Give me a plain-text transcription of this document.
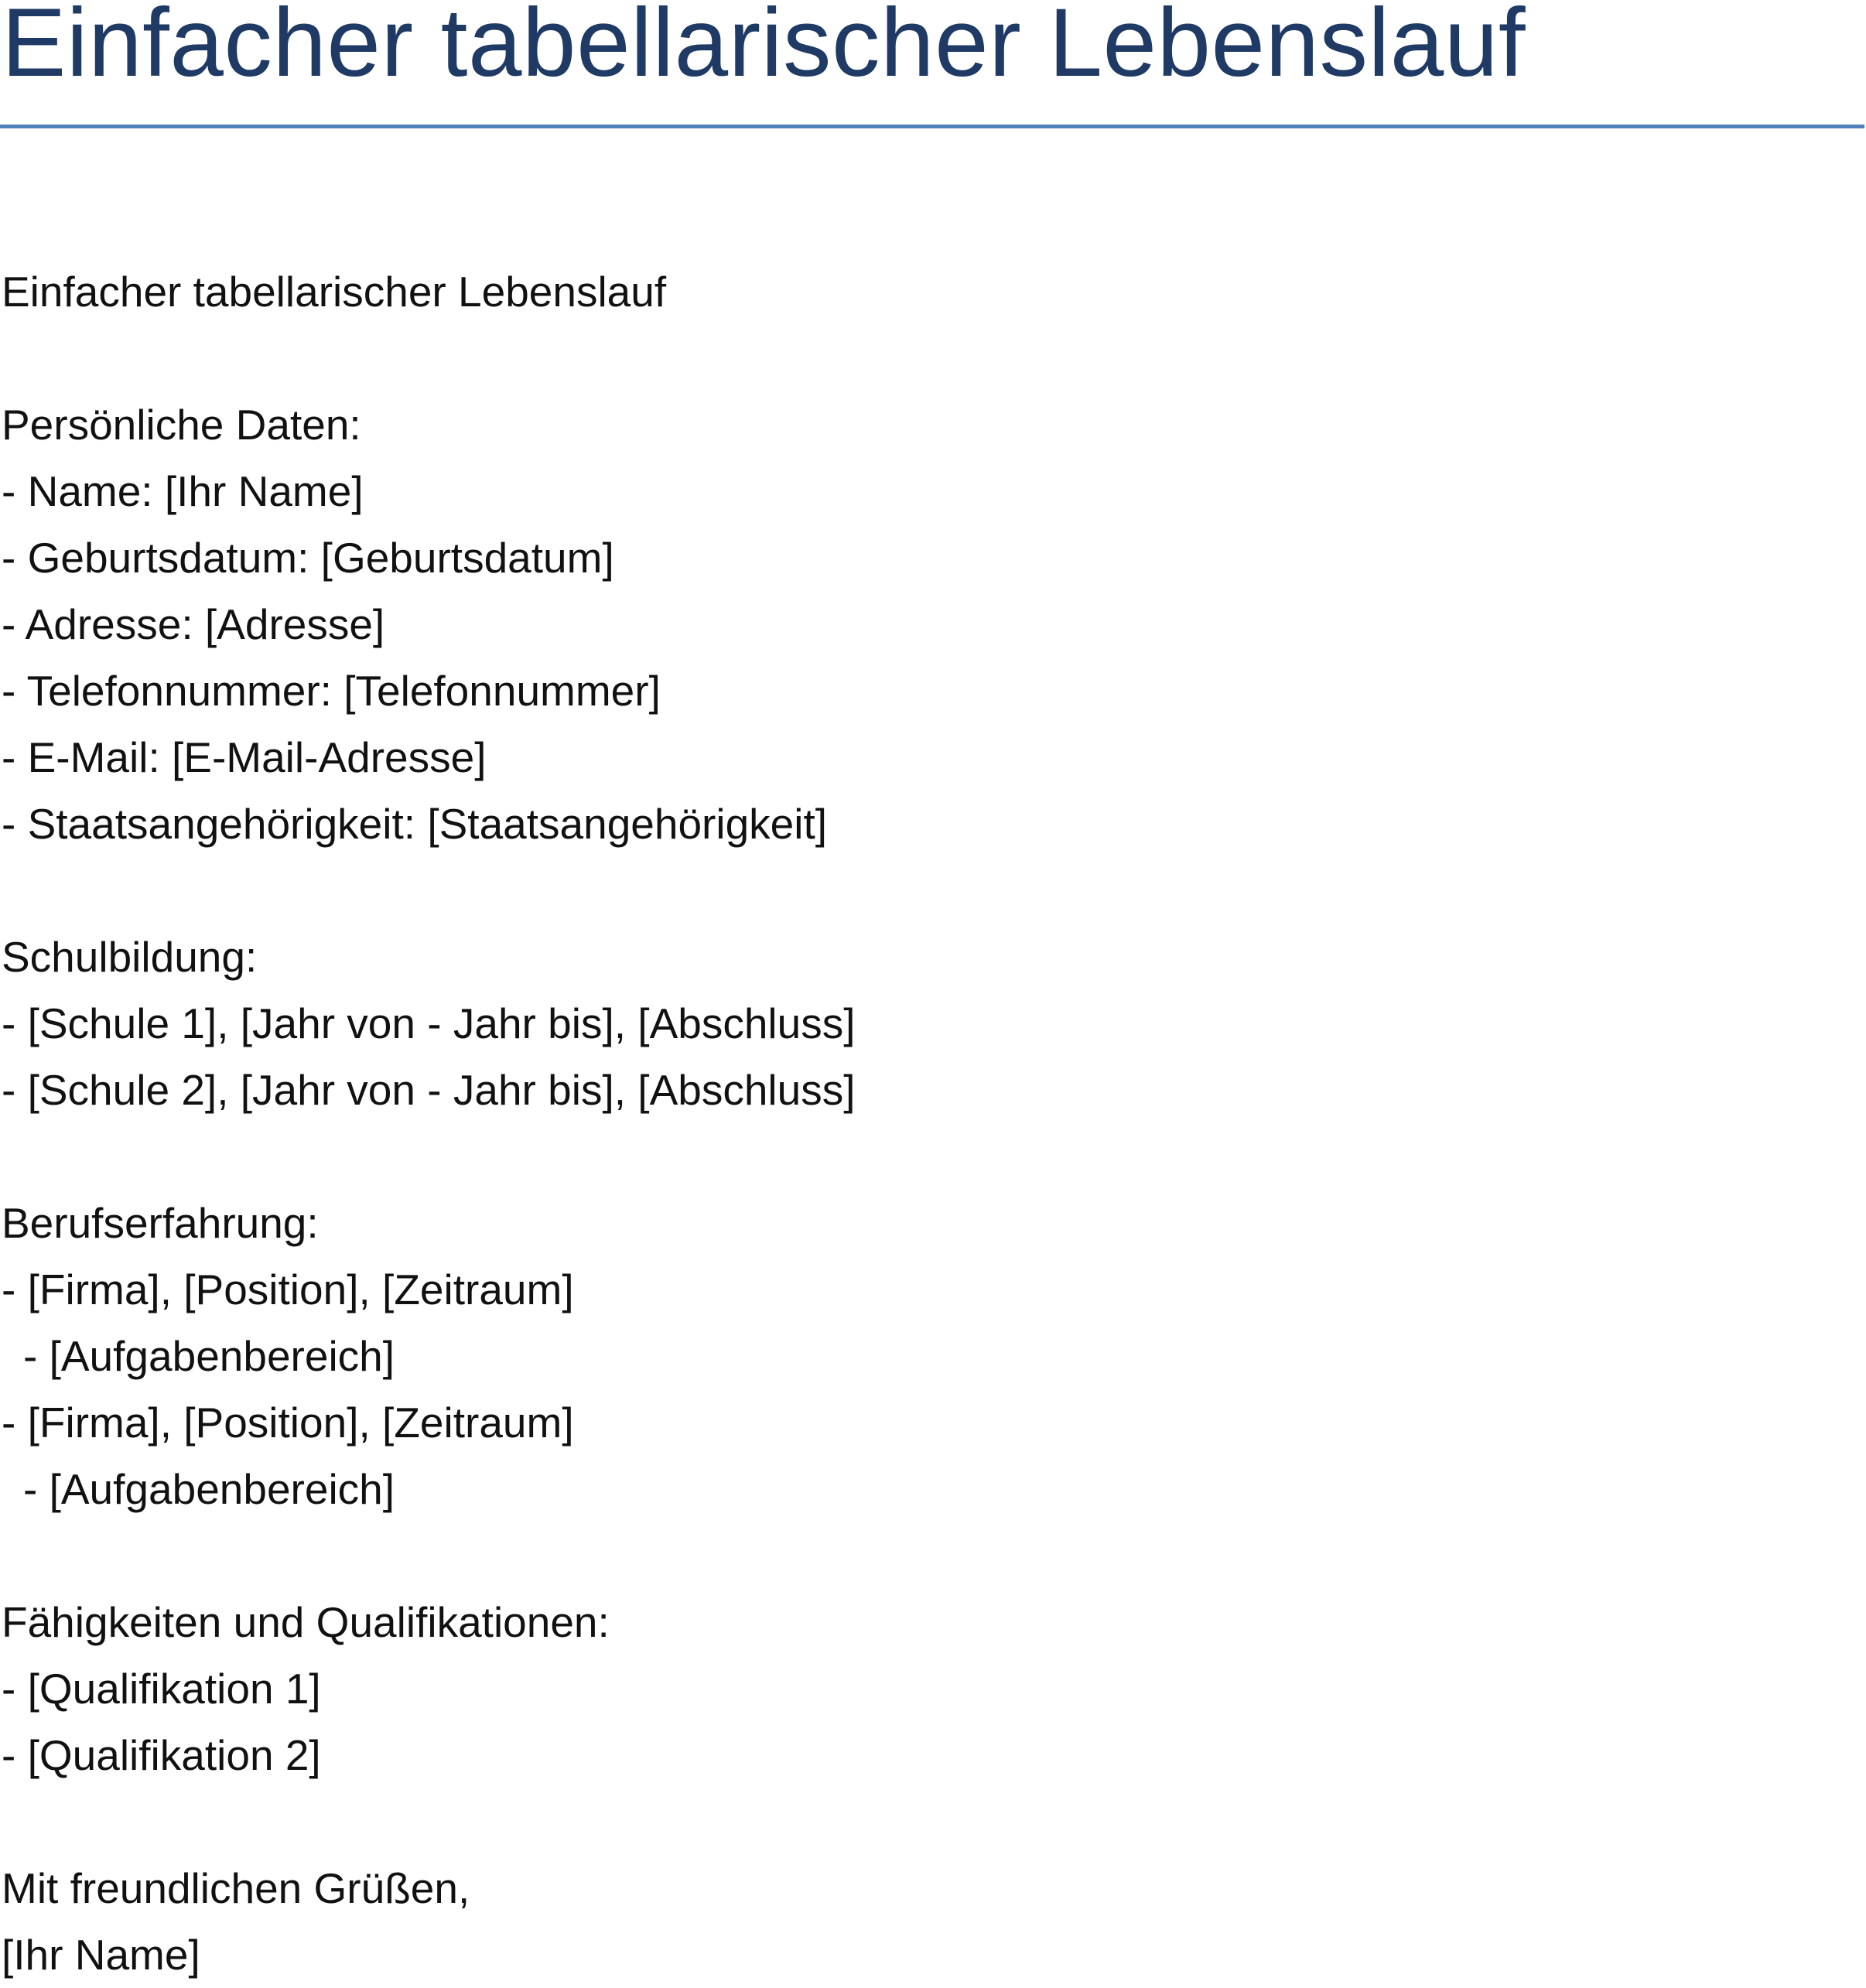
Einfacher tabellarischer Lebenslauf
Einfacher tabellarischer Lebenslauf
Persönliche Daten:
- Name: [Ihr Name]
- Geburtsdatum: [Geburtsdatum]
- Adresse: [Adresse]
- Telefonnummer: [Telefonnummer]
- E-Mail: [E-Mail-Adresse]
- Staatsangehörigkeit: [Staatsangehörigkeit]
Schulbildung:
- [Schule 1], [Jahr von - Jahr bis], [Abschluss]
- [Schule 2], [Jahr von - Jahr bis], [Abschluss]
Berufserfahrung:
- [Firma], [Position], [Zeitraum]
- [Aufgabenbereich]
- [Firma], [Position], [Zeitraum]
- [Aufgabenbereich]
Fähigkeiten und Qualifikationen:
- [Qualifikation 1]
- [Qualifikation 2]
Mit freundlichen Grüßen,
[Ihr Name]
